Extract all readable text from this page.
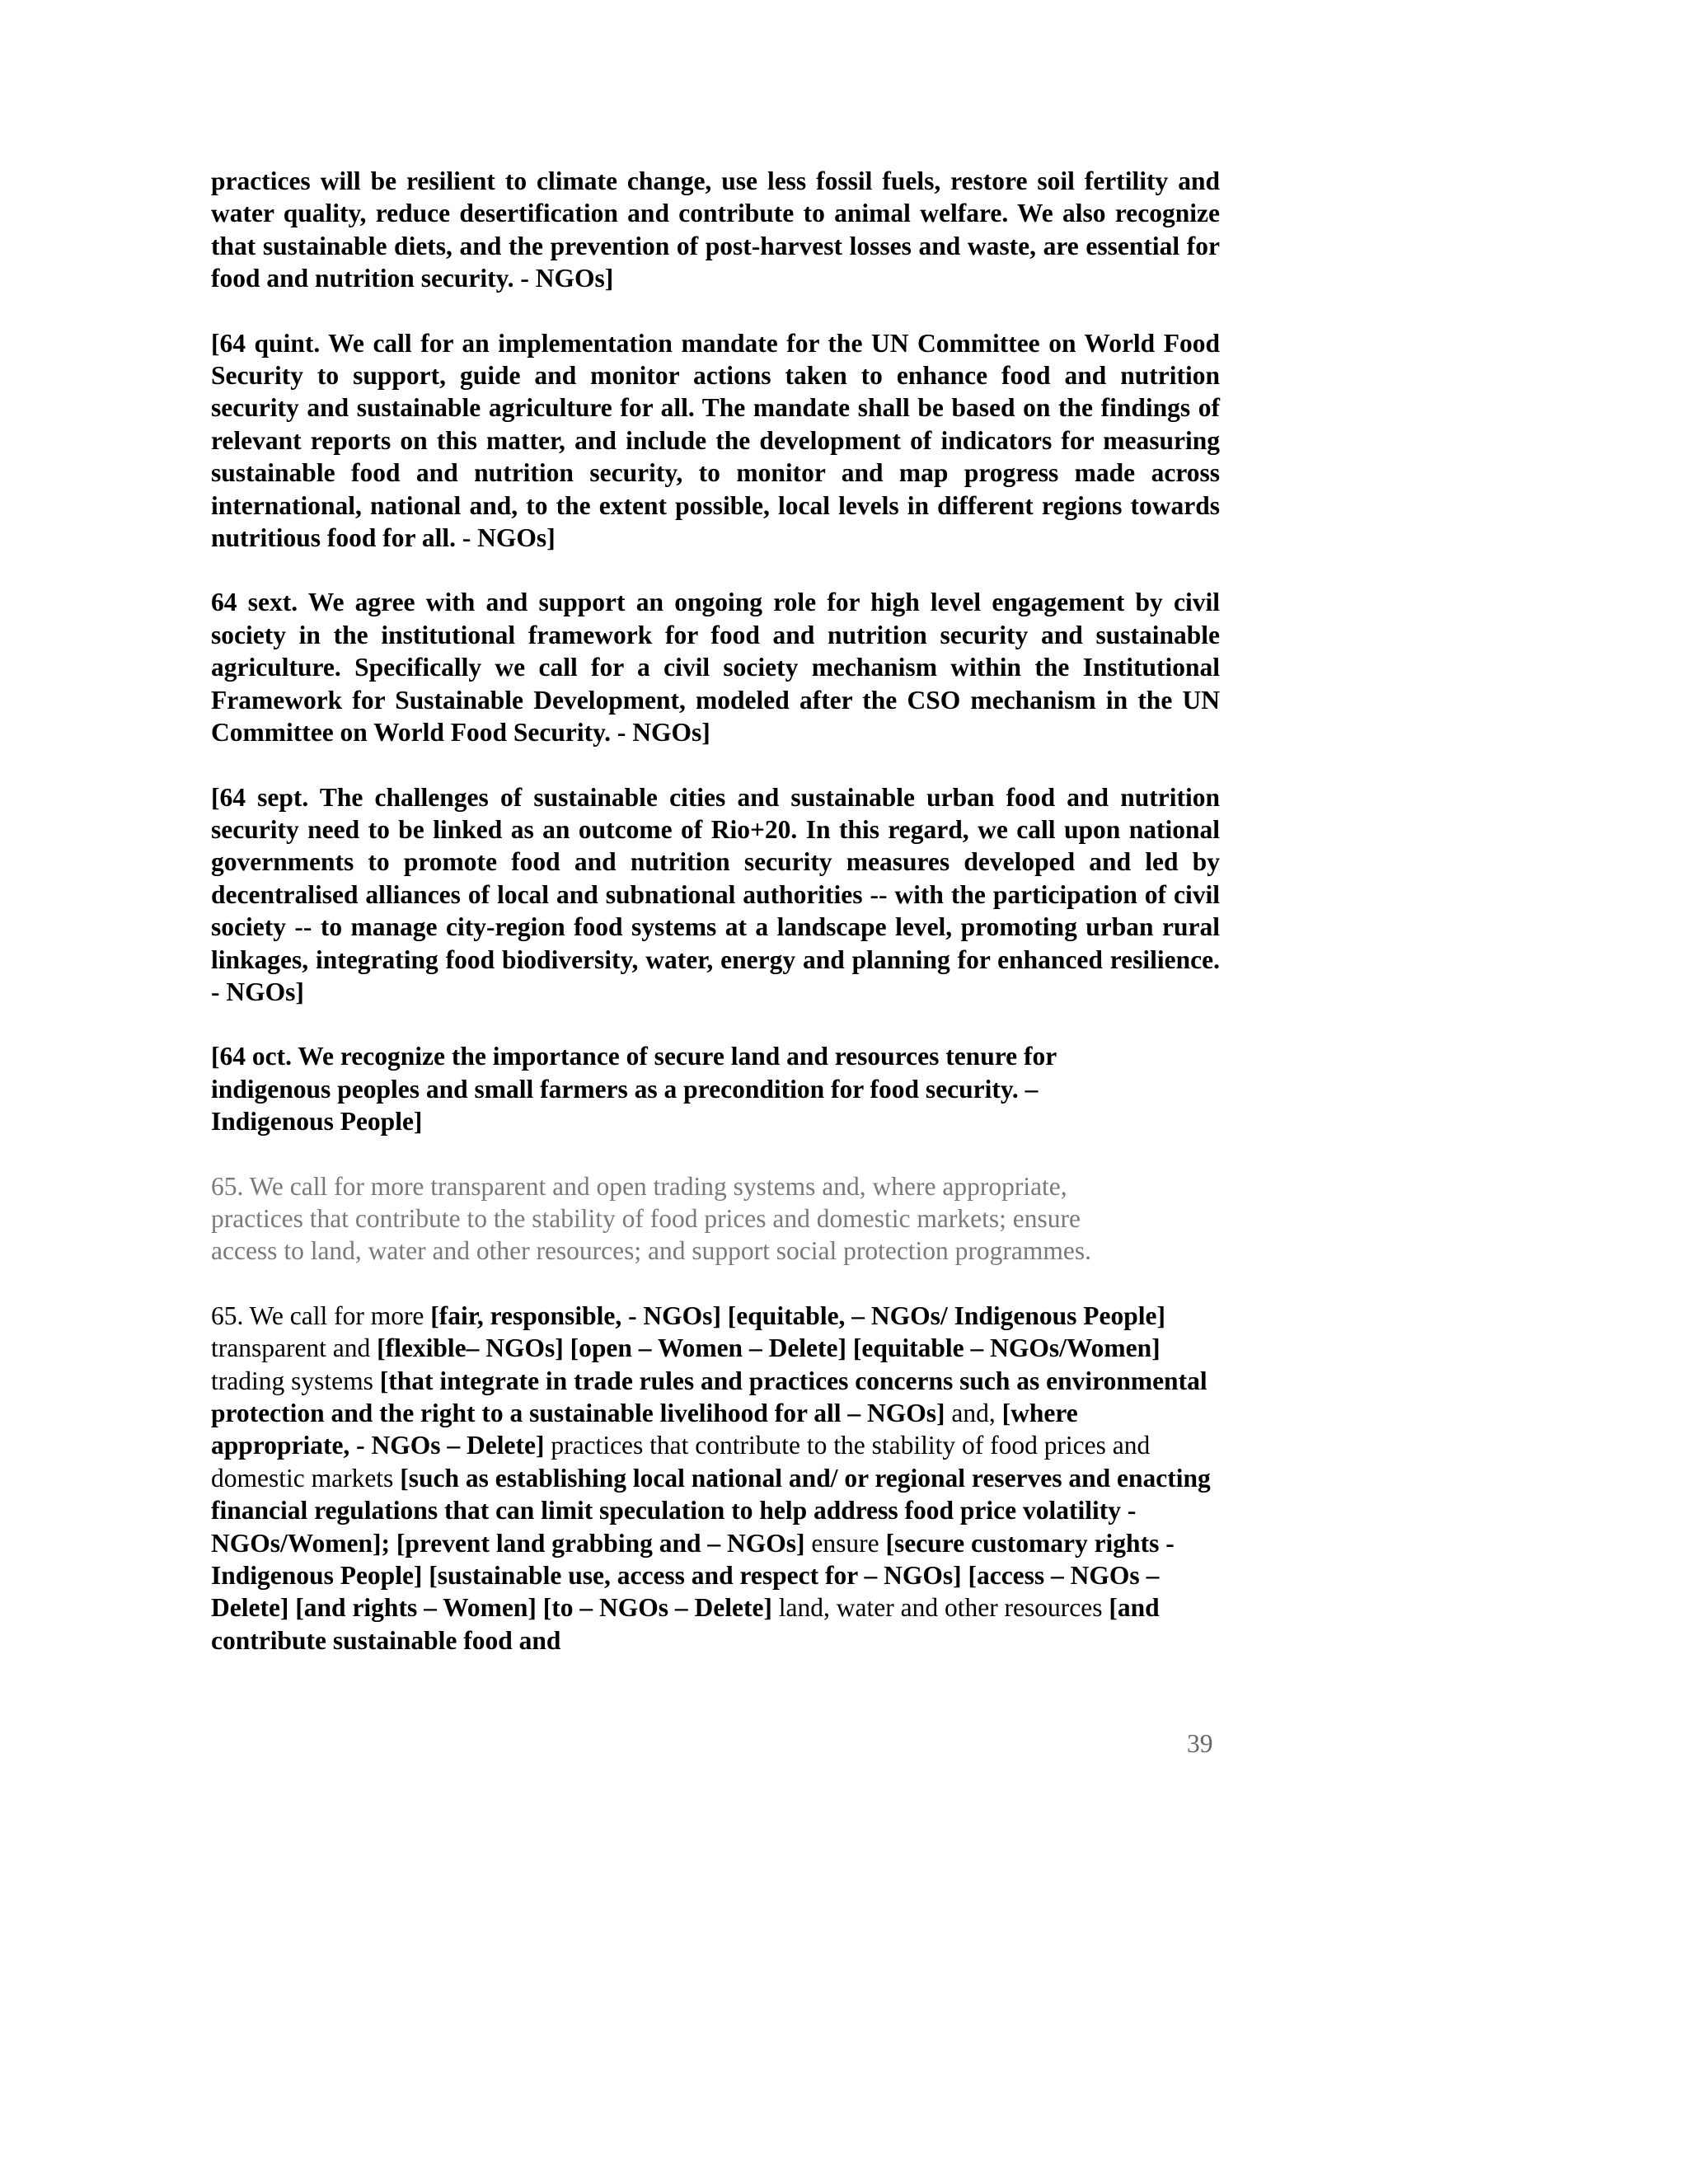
practices will be resilient to climate change, use less fossil fuels, restore soil fertility and water quality, reduce desertification and contribute to animal welfare. We also recognize that sustainable diets, and the prevention of post-harvest losses and waste, are essential for food and nutrition security. - NGOs]

[64 quint. We call for an implementation mandate for the UN Committee on World Food Security to support, guide and monitor actions taken to enhance food and nutrition security and sustainable agriculture for all. The mandate shall be based on the findings of relevant reports on this matter, and include the development of indicators for measuring sustainable food and nutrition security, to monitor and map progress made across international, national and, to the extent possible, local levels in different regions towards nutritious food for all. - NGOs]

64 sext. We agree with and support an ongoing role for high level engagement by civil society in the institutional framework for food and nutrition security and sustainable agriculture. Specifically we call for a civil society mechanism within the Institutional Framework for Sustainable Development, modeled after the CSO mechanism in the UN Committee on World Food Security. - NGOs]

[64 sept. The challenges of sustainable cities and sustainable urban food and nutrition security need to be linked as an outcome of Rio+20. In this regard, we call upon national governments to promote food and nutrition security measures developed and led by decentralised alliances of local and subnational authorities -- with the participation of civil society -- to manage city-region food systems at a landscape level, promoting urban rural linkages, integrating food biodiversity, water, energy and planning for enhanced resilience. - NGOs]

[64 oct. We recognize the importance of secure land and resources tenure for
indigenous peoples and small farmers as a precondition for food security. –
Indigenous People]

65. We call for more transparent and open trading systems and, where appropriate,
practices that contribute to the stability of food prices and domestic markets; ensure
access to land, water and other resources; and support social protection programmes.

65. We call for more [fair, responsible, - NGOs] [equitable, – NGOs/ Indigenous People] transparent and [flexible– NGOs] [open – Women – Delete] [equitable – NGOs/Women] trading systems [that integrate in trade rules and practices concerns such as environmental protection and the right to a sustainable livelihood for all – NGOs] and, [where appropriate, - NGOs – Delete] practices that contribute to the stability of food prices and domestic markets [such as establishing local national and/ or regional reserves and enacting financial regulations that can limit speculation to help address food price volatility - NGOs/Women]; [prevent land grabbing and – NGOs] ensure [secure customary rights - Indigenous People] [sustainable use, access and respect for – NGOs] [access – NGOs – Delete] [and rights – Women] [to – NGOs – Delete] land, water and other resources [and contribute sustainable food and

39
